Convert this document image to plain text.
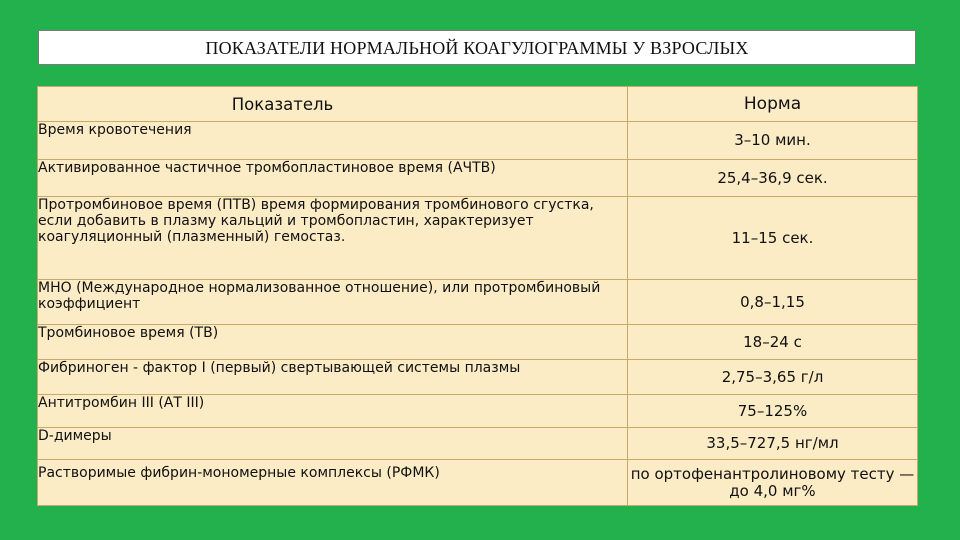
ПОКАЗАТЕЛИ НОРМАЛЬНОЙ КОАГУЛОГРАММЫ У ВЗРОСЛЫХ
Показатель	Норма
Время кровотечения	3–10 мин.
Активированное частичное тромбопластиновое время (АЧТВ)	25,4–36,9 сек.
Протромбиновое время (ПТВ) время формирования тромбинового сгустка, если добавить в плазму кальций и тромбопластин, характеризует коагуляционный (плазменный) гемостаз.	11–15 сек.
МНО (Международное нормализованное отношение), или протромбиновый коэффициент	0,8–1,15
Тромбиновое время (ТВ)	18–24 с
Фибриноген - фактор I (первый) свертывающей системы плазмы	2,75–3,65 г/л
Антитромбин III (АТ III)	75–125%
D-димеры	33,5–727,5 нг/мл
Растворимые фибрин-мономерные комплексы (РФМК)	по ортофенантролиновому тесту — до 4,0 мг%
